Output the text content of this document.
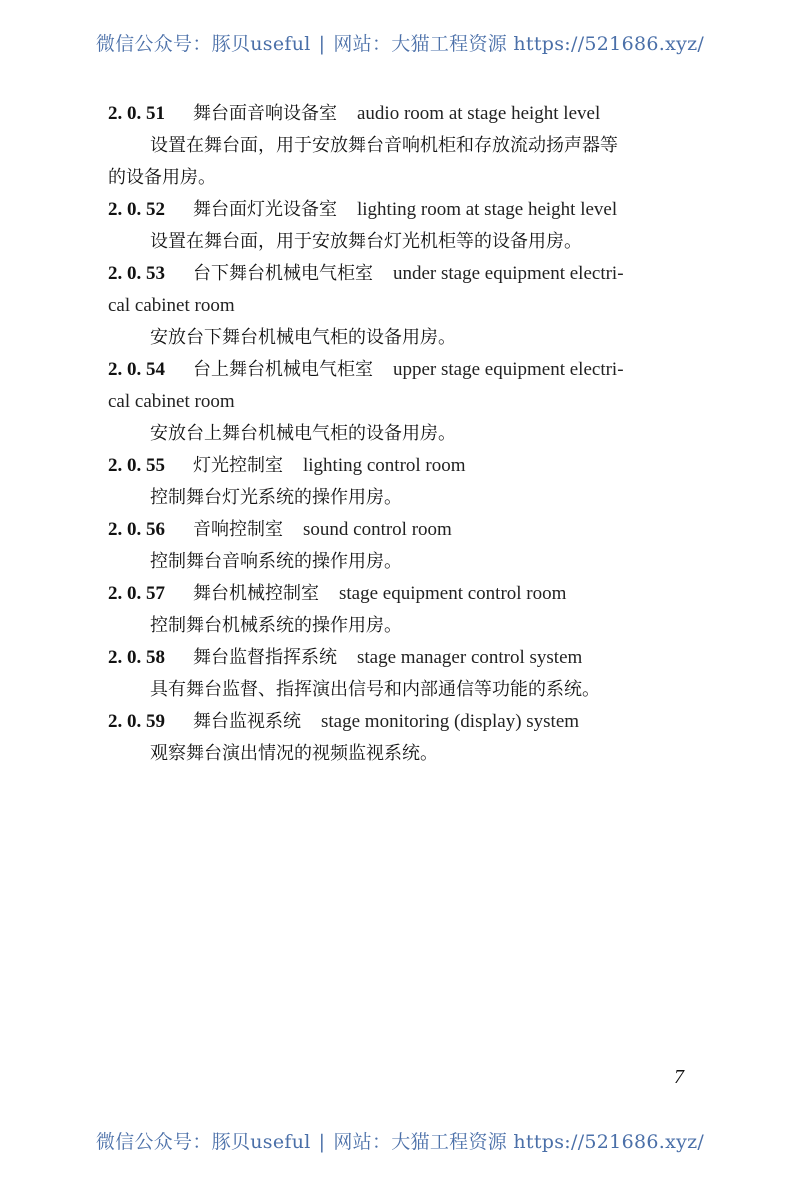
微信公众号：豚贝useful | 网站：大猫工程资源 https://521686.xyz/
2. 0. 51 舞台面音响设备室 audio room at stage height level
设置在舞台面，用于安放舞台音响机柜和存放流动扬声器等
的设备用房。
2. 0. 52 舞台面灯光设备室 lighting room at stage height level
设置在舞台面，用于安放舞台灯光机柜等的设备用房。
2. 0. 53 台下舞台机械电气柜室 under stage equipment electri-
cal cabinet room
安放台下舞台机械电气柜的设备用房。
2. 0. 54 台上舞台机械电气柜室 upper stage equipment electri-
cal cabinet room
安放台上舞台机械电气柜的设备用房。
2. 0. 55 灯光控制室 lighting control room
控制舞台灯光系统的操作用房。
2. 0. 56 音响控制室 sound control room
控制舞台音响系统的操作用房。
2. 0. 57 舞台机械控制室 stage equipment control room
控制舞台机械系统的操作用房。
2. 0. 58 舞台监督指挥系统 stage manager control system
具有舞台监督、指挥演出信号和内部通信等功能的系统。
2. 0. 59 舞台监视系统 stage monitoring (display) system
观察舞台演出情况的视频监视系统。
7
微信公众号：豚贝useful | 网站：大猫工程资源 https://521686.xyz/
